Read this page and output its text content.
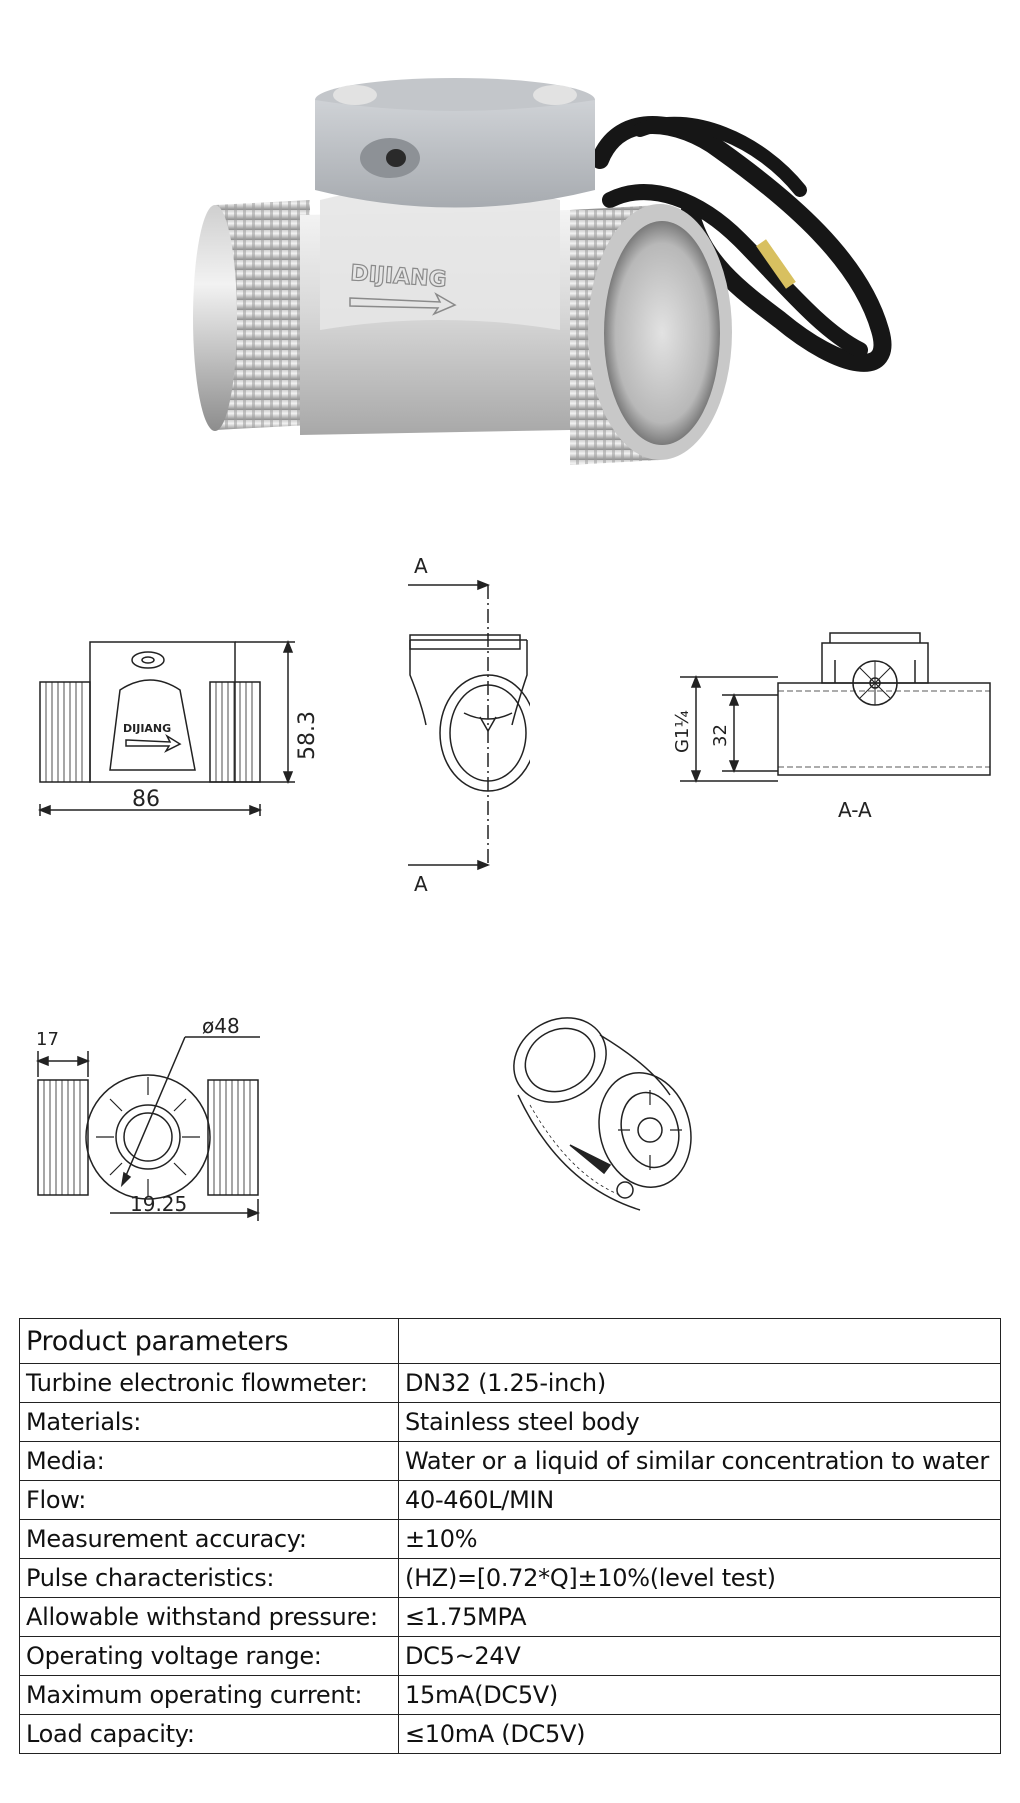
DIJIANG
DIJIANG
86
58.3
A
A
G1¼ 32
A-A
17
ø48
19.25
Product parameters	
Turbine electronic flowmeter:	DN32 (1.25-inch)
Materials:	Stainless steel body
Media:	Water or a liquid of similar concentration to water
Flow:	40-460L/MIN
Measurement accuracy:	±10%
Pulse characteristics:	(HZ)=[0.72*Q]±10%(level test)
Allowable withstand pressure:	≤1.75MPA
Operating voltage range:	DC5~24V
Maximum operating current:	15mA(DC5V)
Load capacity:	≤10mA (DC5V)
